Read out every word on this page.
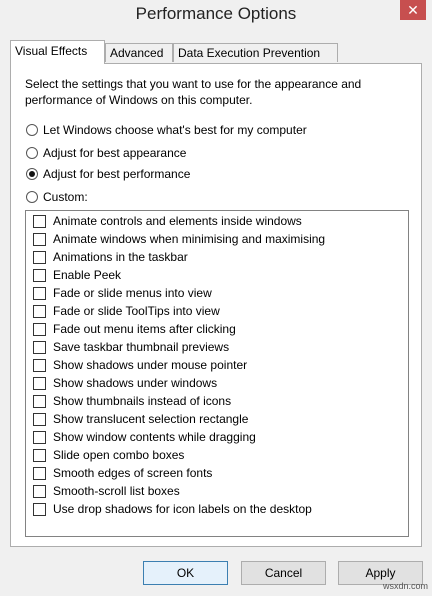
Performance Options	✕
Visual Effects	Advanced	Data Execution Prevention
Select the settings that you want to use for the appearance and performance of Windows on this computer.
Let Windows choose what's best for my computer
Adjust for best appearance
Adjust for best performance
Custom:
Animate controls and elements inside windows
Animate windows when minimising and maximising
Animations in the taskbar
Enable Peek
Fade or slide menus into view
Fade or slide ToolTips into view
Fade out menu items after clicking
Save taskbar thumbnail previews
Show shadows under mouse pointer
Show shadows under windows
Show thumbnails instead of icons
Show translucent selection rectangle
Show window contents while dragging
Slide open combo boxes
Smooth edges of screen fonts
Smooth-scroll list boxes
Use drop shadows for icon labels on the desktop
OK	Cancel	Apply
wsxdn.com
